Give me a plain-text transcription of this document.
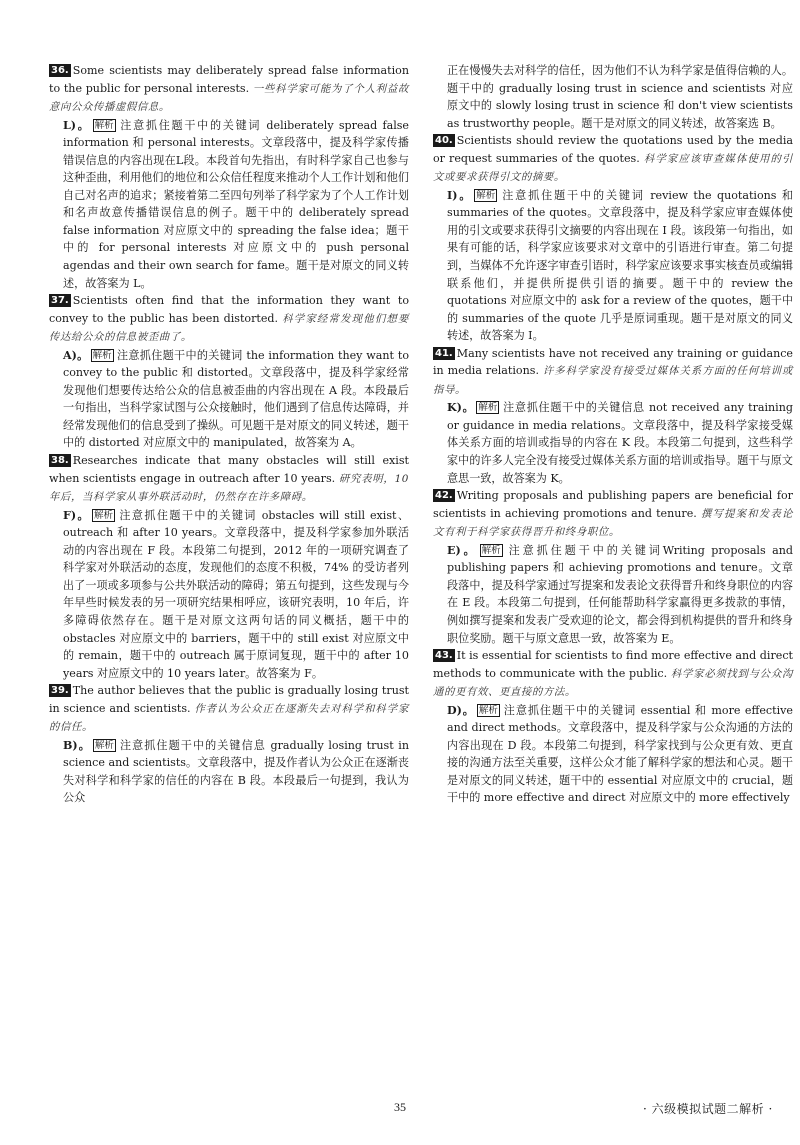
36. Some scientists may deliberately spread false information to the public for personal interests. 一些科学家可能为了个人利益故意向公众传播虚假信息。
L)。 解析 注意抓住题干中的关键词 deliberately spread false information 和 personal interests。文章段落中，提及科学家传播错误信息的内容出现在L段。本段首句先指出，有时科学家自己也参与这种歪曲，利用他们的地位和公众信任程度来推动个人工作计划和他们自己对名声的追求；紧接着第二至四句列举了科学家为了个人工作计划和名声故意传播错误信息的例子。题干中的 deliberately spread false information 对应原文中的 spreading the false idea；题干中的 for personal interests 对应原文中的 push personal agendas and their own search for fame。题干是对原文的同义转述，故答案为 L。
37. Scientists often find that the information they want to convey to the public has been distorted. 科学家经常发现他们想要传达给公众的信息被歪曲了。
A)。 解析 注意抓住题干中的关键词 the information they want to convey to the public 和 distorted。文章段落中，提及科学家经常发现他们想要传达给公众的信息被歪曲的内容出现在 A 段。本段最后一句指出，当科学家试图与公众接触时，他们遇到了信息传达障碍，并经常发现他们的信息受到了操纵。可见题干是对原文的同义转述，题干中的 distorted 对应原文中的 manipulated，故答案为 A。
38. Researches indicate that many obstacles will still exist when scientists engage in outreach after 10 years. 研究表明，10 年后，当科学家从事外联活动时，仍然存在许多障碍。
F)。 解析 注意抓住题干中的关键词 obstacles will still exist、outreach 和 after 10 years。文章段落中，提及科学家参加外联活动的内容出现在 F 段。本段第二句提到，2012 年的一项研究调查了科学家对外联活动的态度，发现他们的态度不积极，74% 的受访者列出了一项或多项参与公共外联活动的障碍；第五句提到，这些发现与今年早些时候发表的另一项研究结果相呼应，该研究表明，10 年后，许多障碍依然存在。题干是对原文这两句话的同义概括，题干中的 obstacles 对应原文中的 barriers，题干中的 still exist 对应原文中的 remain，题干中的 outreach 属于原词复现，题干中的 after 10 years 对应原文中的 10 years later。故答案为 F。
39. The author believes that the public is gradually losing trust in science and scientists. 作者认为公众正在逐渐失去对科学和科学家的信任。
B)。 解析 注意抓住题干中的关键信息 gradually losing trust in science and scientists。文章段落中，提及作者认为公众正在逐渐丧失对科学和科学家的信任的内容在 B 段。本段最后一句提到，我认为公众
正在慢慢失去对科学的信任，因为他们不认为科学家是值得信赖的人。题干中的 gradually losing trust in science and scientists 对应原文中的 slowly losing trust in science 和 don't view scientists as trustworthy people。题干是对原文的同义转述，故答案选 B。
40. Scientists should review the quotations used by the media or request summaries of the quotes. 科学家应该审查媒体使用的引文或要求获得引文的摘要。
I)。 解析 注意抓住题干中的关键词 review the quotations 和 summaries of the quotes。文章段落中，提及科学家应审查媒体使用的引文或要求获得引文摘要的内容出现在 I 段。该段第一句指出，如果有可能的话，科学家应该要求对文章中的引语进行审查。第二句提到，当媒体不允许逐字审查引语时，科学家应该要求事实核查员或编辑联系他们，并提供所提供引语的摘要。题干中的 review the quotations 对应原文中的 ask for a review of the quotes，题干中的 summaries of the quote 几乎是原词重现。题干是对原文的同义转述，故答案为 I。
41. Many scientists have not received any training or guidance in media relations. 许多科学家没有接受过媒体关系方面的任何培训或指导。
K)。 解析 注意抓住题干中的关键信息 not received any training or guidance in media relations。文章段落中，提及科学家接受媒体关系方面的培训或指导的内容在 K 段。本段第二句提到，这些科学家中的许多人完全没有接受过媒体关系方面的培训或指导。题干与原文意思一致，故答案为 K。
42. Writing proposals and publishing papers are beneficial for scientists in achieving promotions and tenure. 撰写提案和发表论文有利于科学家获得晋升和终身职位。
E)。 解析 注意抓住题干中的关键词Writing proposals and publishing papers 和 achieving promotions and tenure。文章段落中，提及科学家通过写提案和发表论文获得晋升和终身职位的内容在 E 段。本段第二句提到，任何能帮助科学家赢得更多拨款的事情，例如撰写提案和发表广受欢迎的论文，都会得到机构提供的晋升和终身职位奖励。题干与原文意思一致，故答案为 E。
43. It is essential for scientists to find more effective and direct methods to communicate with the public. 科学家必须找到与公众沟通的更有效、更直接的方法。
D)。 解析 注意抓住题干中的关键词 essential 和 more effective and direct methods。文章段落中，提及科学家与公众沟通的方法的内容出现在 D 段。本段第二句提到，科学家找到与公众更有效、更直接的沟通方法至关重要，这样公众才能了解科学家的想法和心灵。题干是对原文的同义转述，题干中的 essential 对应原文中的 crucial，题干中的 more effective and direct 对应原文中的 more effectively
35	· 六级模拟试题二解析 ·
